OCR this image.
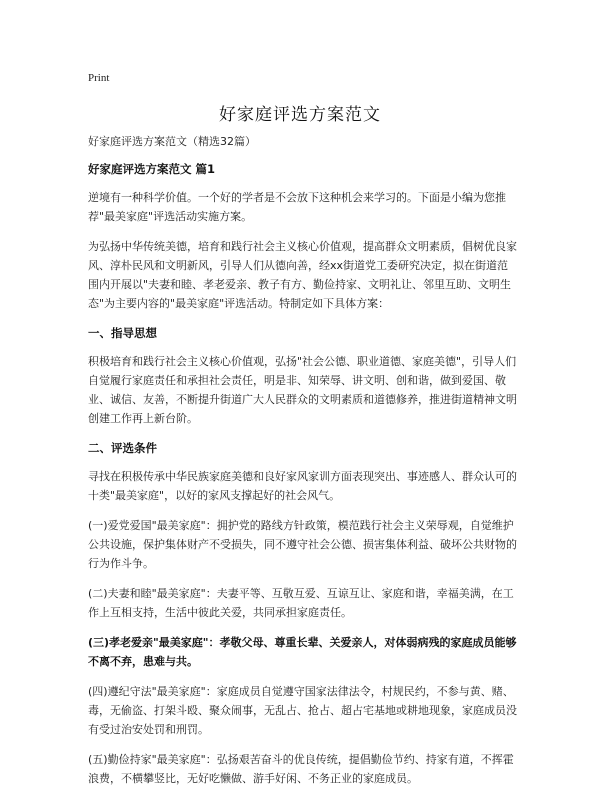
Print
好家庭评选方案范文

好家庭评选方案范文（精选32篇）

好家庭评选方案范文 篇1

逆境有一种科学价值。一个好的学者是不会放下这种机会来学习的。下面是小编为您推荐"最美家庭"评选活动实施方案。

为弘扬中华传统美德，培育和践行社会主义核心价值观，提高群众文明素质，倡树优良家风、淳朴民风和文明新风，引导人们从德向善，经xx街道党工委研究决定，拟在街道范围内开展以"夫妻和睦、孝老爱亲、教子有方、勤俭持家、文明礼让、邻里互助、文明生态"为主要内容的"最美家庭"评选活动。特制定如下具体方案：

一、指导思想

积极培育和践行社会主义核心价值观，弘扬"社会公德、职业道德、家庭美德"，引导人们自觉履行家庭责任和承担社会责任，明是非、知荣辱、讲文明、创和谐，做到爱国、敬业、诚信、友善，不断提升街道广大人民群众的文明素质和道德修养，推进街道精神文明创建工作再上新台阶。

二、评选条件

寻找在积极传承中华民族家庭美德和良好家风家训方面表现突出、事迹感人、群众认可的十类"最美家庭"，以好的家风支撑起好的社会风气。

(一)爱党爱国"最美家庭"：拥护党的路线方针政策，模范践行社会主义荣辱观，自觉维护公共设施，保护集体财产不受损失，同不遵守社会公德、损害集体利益、破坏公共财物的行为作斗争。

(二)夫妻和睦"最美家庭"：夫妻平等、互敬互爱、互谅互让、家庭和谐，幸福美满，在工作上互相支持，生活中彼此关爱，共同承担家庭责任。

(三)孝老爱亲"最美家庭"：孝敬父母、尊重长辈、关爱亲人，对体弱病残的家庭成员能够不离不弃，患难与共。

(四)遵纪守法"最美家庭"：家庭成员自觉遵守国家法律法令，村规民约，不参与黄、赌、毒，无偷盗、打架斗殴、聚众闹事，无乱占、抢占、超占宅基地或耕地现象，家庭成员没有受过治安处罚和刑罚。

(五)勤俭持家"最美家庭"：弘扬艰苦奋斗的优良传统，提倡勤俭节约、持家有道，不挥霍浪费，不横攀竖比，无好吃懒做、游手好闲、不务正业的家庭成员。
